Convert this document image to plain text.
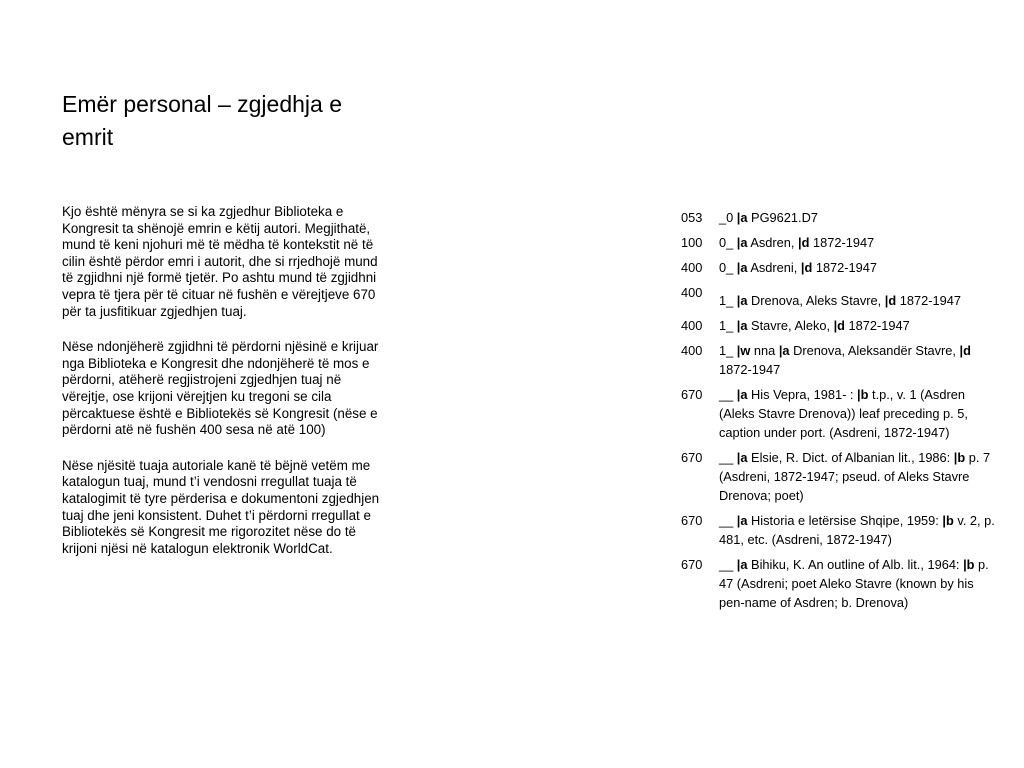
Emër personal – zgjedhja e emrit

Kjo është mënyra se si ka zgjedhur Biblioteka e Kongresit ta shënojë emrin e këtij autori. Megjithatë, mund të keni njohuri më të mëdha të kontekstit në të cilin është përdor emri i autorit, dhe si rrjedhojë mund të zgjidhni një formë tjetër. Po ashtu mund të zgjidhni vepra të tjera për të cituar në fushën e vërejtjeve 670 për ta jusfitikuar zgjedhjen tuaj.

Nëse ndonjëherë zgjidhni të përdorni njësinë e krijuar nga Biblioteka e Kongresit dhe ndonjëherë të mos e përdorni, atëherë regjistrojeni zgjedhjen tuaj në vërejtje, ose krijoni vërejtjen ku tregoni se cila përcaktuese është e Bibliotekës së Kongresit (nëse e përdorni atë në fushën 400 sesa në atë 100)

Nëse njësitë tuaja autoriale kanë të bëjnë vetëm me katalogun tuaj, mund t’i vendosni rregullat tuaja të katalogimit të tyre përderisa e dokumentoni zgjedhjen tuaj dhe jeni konsistent. Duhet t’i përdorni rregullat e Bibliotekës së Kongresit me rigorozitet nëse do të krijoni njësi në katalogun elektronik WorldCat.

053	_0 |a PG9621.D7
100	0_ |a Asdren, |d 1872-1947
400	0_ |a Asdreni, |d 1872-1947
400	1_ |a Drenova, Aleks Stavre, |d 1872-1947
400	1_ |a Stavre, Aleko, |d 1872-1947
400	1_ |w nna |a Drenova, Aleksandër Stavre, |d 1872-1947
670	__ |a His Vepra, 1981- : |b t.p., v. 1 (Asdren (Aleks Stavre Drenova)) leaf preceding p. 5, caption under port. (Asdreni, 1872-1947)
670	__ |a Elsie, R. Dict. of Albanian lit., 1986: |b p. 7 (Asdreni, 1872-1947; pseud. of Aleks Stavre Drenova; poet)
670	__ |a Historia e letërsise Shqipe, 1959: |b v. 2, p. 481, etc. (Asdreni, 1872-1947)
670	__ |a Bihiku, K. An outline of Alb. lit., 1964: |b p. 47 (Asdreni; poet Aleko Stavre (known by his pen-name of Asdren; b. Drenova)
